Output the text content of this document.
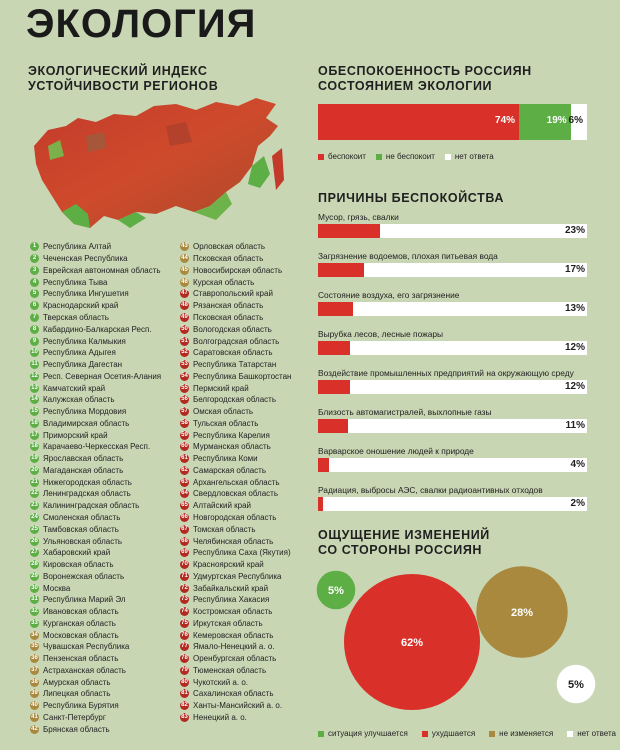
ЭКОЛОГИЯ
ЭКОЛОГИЧЕСКИЙ ИНДЕКС
УСТОЙЧИВОСТИ РЕГИОНОВ
1 Республика Алтай
2 Чеченская Республика
3 Еврейская автономная область
4 Республика Тыва
5 Республика Ингушетия
6 Краснодарский край
7 Тверская область
8 Кабардино-Балкарская Респ.
9 Республика Калмыкия
10 Республика Адыгея
11 Республика Дагестан
12 Респ. Северная Осетия-Алания
13 Камчатский край
14 Калужская область
15 Республика Мордовия
16 Владимирская область
17 Приморский край
18 Карачаево-Черкесская Респ.
19 Ярославская область
20 Магаданская область
21 Нижегородская область
22 Ленинградская область
23 Калининградская область
24 Смоленская область
25 Тамбовская область
26 Ульяновская область
27 Хабаровский край
28 Кировская область
29 Воронежская область
30 Москва
31 Республика Марий Эл
32 Ивановская область
33 Курганская область
34 Московская область
35 Чувашская Республика
36 Пензенская область
37 Астраханская область
38 Амурская область
39 Липецкая область
40 Республика Бурятия
41 Санкт-Петербург
42 Брянская область
43 Орловская область
44 Псковская область
45 Новосибирская область
46 Курская область
47 Ставропольский край
48 Рязанская область
49 Псковская область
50 Вологодская область
51 Волгоградская область
52 Саратовская область
53 Республика Татарстан
54 Республика Башкортостан
55 Пермский край
56 Белгородская область
57 Омская область
58 Тульская область
59 Республика Карелия
60 Мурманская область
61 Республика Коми
62 Самарская область
63 Архангельская область
64 Свердловская область
65 Алтайский край
66 Новгородская область
67 Томская область
68 Челябинская область
69 Республика Саха (Якутия)
70 Красноярский край
71 Удмуртская Республика
72 Забайкальский край
73 Республика Хакасия
74 Костромская область
75 Иркутская область
76 Кемеровская область
77 Ямало-Ненецкий а. о.
78 Оренбургская область
79 Тюменская область
80 Чукотский а. о.
81 Сахалинская область
82 Ханты-Мансийский а. о.
83 Ненецкий а. о.
ОБЕСПОКОЕННОСТЬ РОССИЯН
СОСТОЯНИЕМ ЭКОЛОГИИ
74%	19% 6%
беспокоит	не беспокоит	нет ответа
ПРИЧИНЫ БЕСПОКОЙСТВА
Мусор, грязь, свалки
23%
Загрязнение водоемов, плохая питьевая вода
17%
Состояние воздуха, его загрязнение
13%
Вырубка лесов, лесные пожары
12%
Воздействие промышленных предприятий на окружающую среду
12%
Близость автомагистралей, выхлопные газы
11%
Варварское оношение людей к природе
4%
Радиация, выбросы АЭС, свалки радиоантивных отходов
2%
ОЩУЩЕНИЕ ИЗМЕНЕНИЙ
СО СТОРОНЫ РОССИЯН
5%
62%
28%
5%
ситуация улучшается	ухудшается	не изменяется	нет ответа
